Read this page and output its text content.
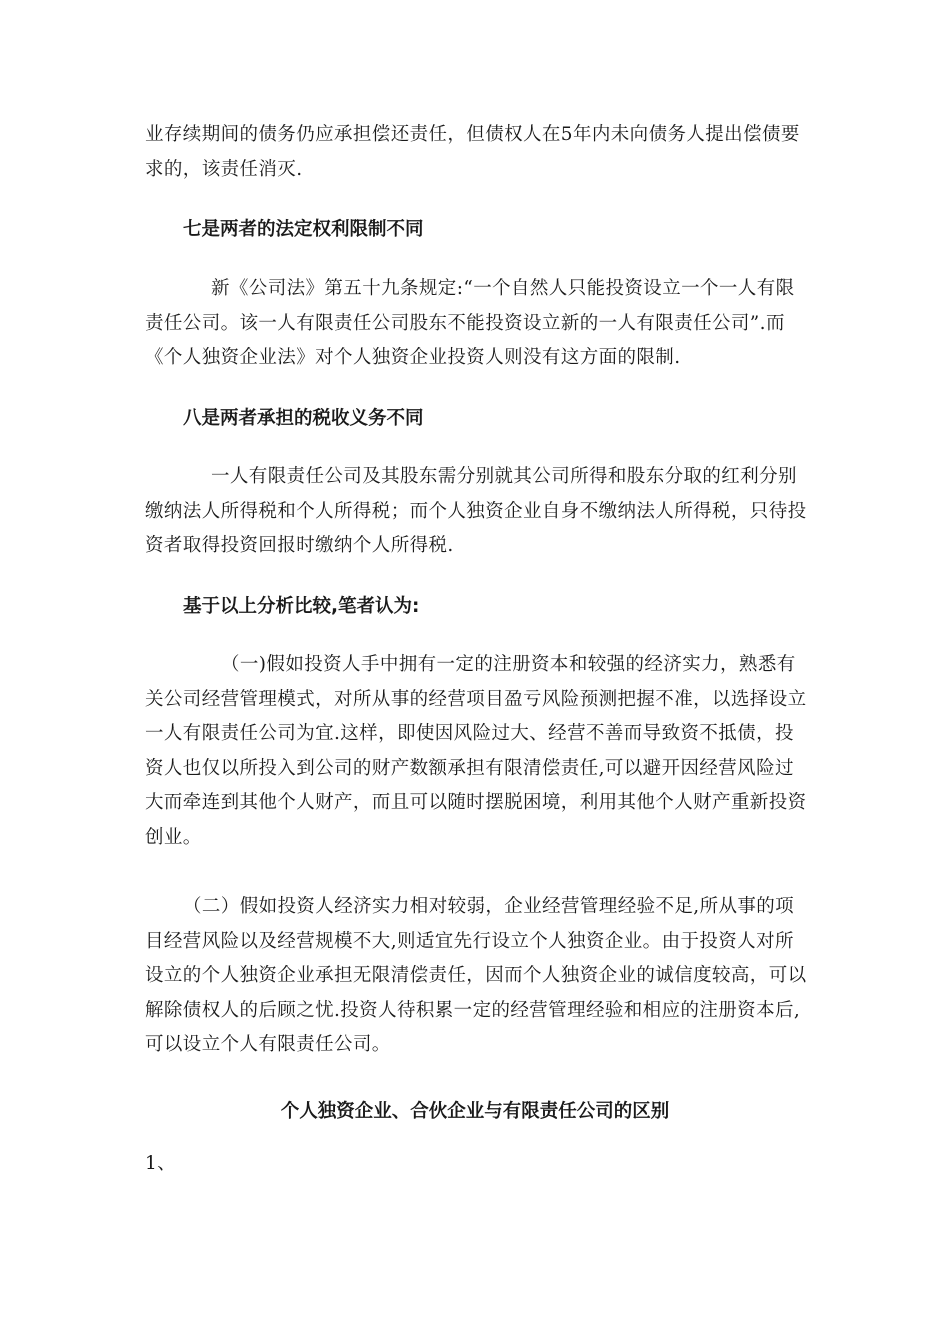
业存续期间的债务仍应承担偿还责任，但债权人在5年内未向债务人提出偿债要求的，该责任消灭.

七是两者的法定权利限制不同

新《公司法》第五十九条规定:“一个自然人只能投资设立一个一人有限责任公司。该一人有限责任公司股东不能投资设立新的一人有限责任公司”.而《个人独资企业法》对个人独资企业投资人则没有这方面的限制.

八是两者承担的税收义务不同

一人有限责任公司及其股东需分别就其公司所得和股东分取的红利分别缴纳法人所得税和个人所得税；而个人独资企业自身不缴纳法人所得税，只待投资者取得投资回报时缴纳个人所得税.

基于以上分析比较,笔者认为:

（一)假如投资人手中拥有一定的注册资本和较强的经济实力，熟悉有关公司经营管理模式，对所从事的经营项目盈亏风险预测把握不准，以选择设立一人有限责任公司为宜.这样，即使因风险过大、经营不善而导致资不抵债，投资人也仅以所投入到公司的财产数额承担有限清偿责任,可以避开因经营风险过大而牵连到其他个人财产，而且可以随时摆脱困境，利用其他个人财产重新投资创业。

（二）假如投资人经济实力相对较弱，企业经营管理经验不足,所从事的项目经营风险以及经营规模不大,则适宜先行设立个人独资企业。由于投资人对所设立的个人独资企业承担无限清偿责任，因而个人独资企业的诚信度较高，可以解除债权人的后顾之忧.投资人待积累一定的经营管理经验和相应的注册资本后,可以设立个人有限责任公司。

个人独资企业、合伙企业与有限责任公司的区别

1、
